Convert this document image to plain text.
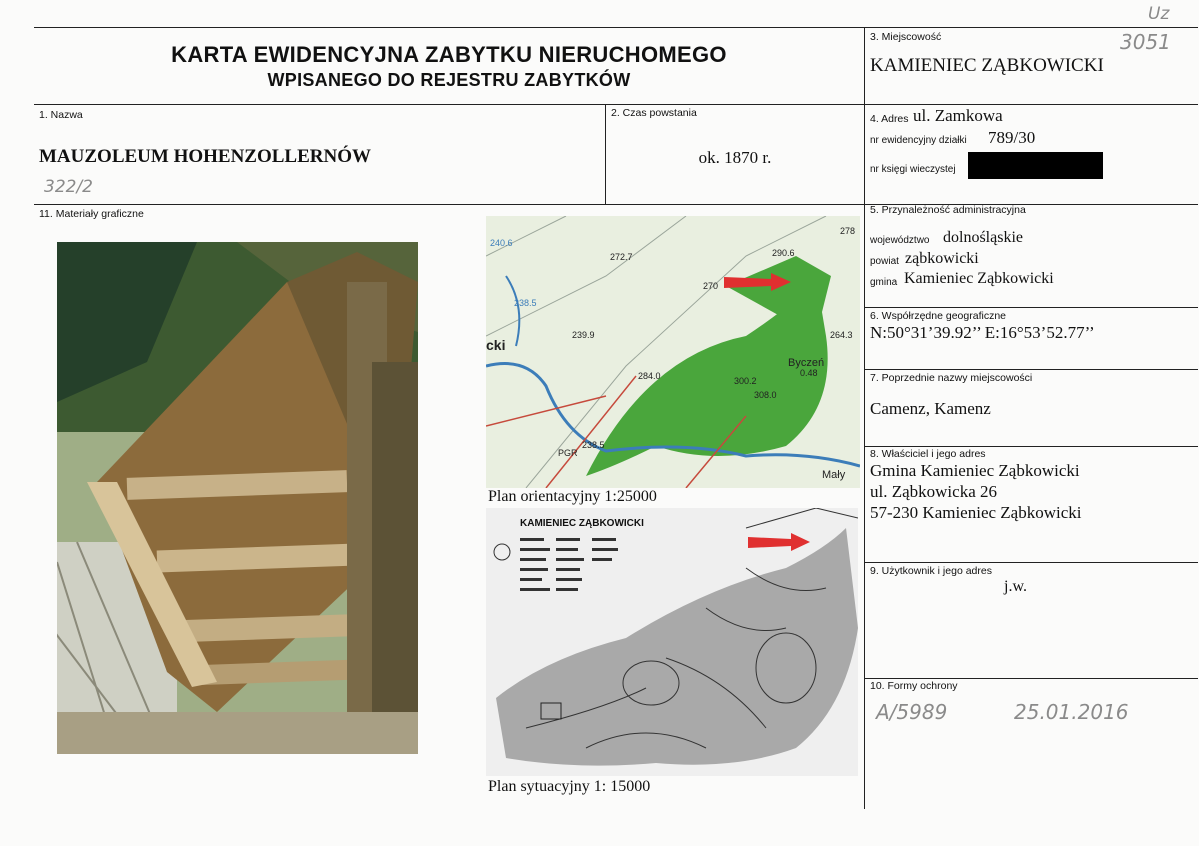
KARTA EWIDENCYJNA ZABYTKU NIERUCHOMEGO
WPISANEGO DO REJESTRU ZABYTKÓW
Uz
3051
3. Miejscowość
KAMIENIEC ZĄBKOWICKI
1. Nazwa
MAUZOLEUM HOHENZOLLERNÓW
322/2
2. Czas powstania
ok. 1870 r.
4. Adres ul. Zamkowa
nr ewidencyjny działki 789/30
nr księgi wieczystej
11. Materiały graficzne
272.7
270
290.6
278
240.6
238.5
239.9
cki
284.0	300.2
308.0
264.3
Byczeń
0.48
238.5
PGR
Mały
Plan orientacyjny 1:25000
KAMIENIEC ZĄBKOWICKI
Plan sytuacyjny 1: 15000
5. Przynależność administracyjna
województwo dolnośląskie
powiat ząbkowicki
gmina Kamieniec Ząbkowicki
6. Współrzędne geograficzne
N:50°31’39.92’’ E:16°53’52.77’’
7. Poprzednie nazwy miejscowości
Camenz, Kamenz
8. Właściciel i jego adres
Gmina Kamieniec Ząbkowicki
ul. Ząbkowicka 26
57-230 Kamieniec Ząbkowicki
9. Użytkownik i jego adres
j.w.
10. Formy ochrony
A/5989	25.01.2016
